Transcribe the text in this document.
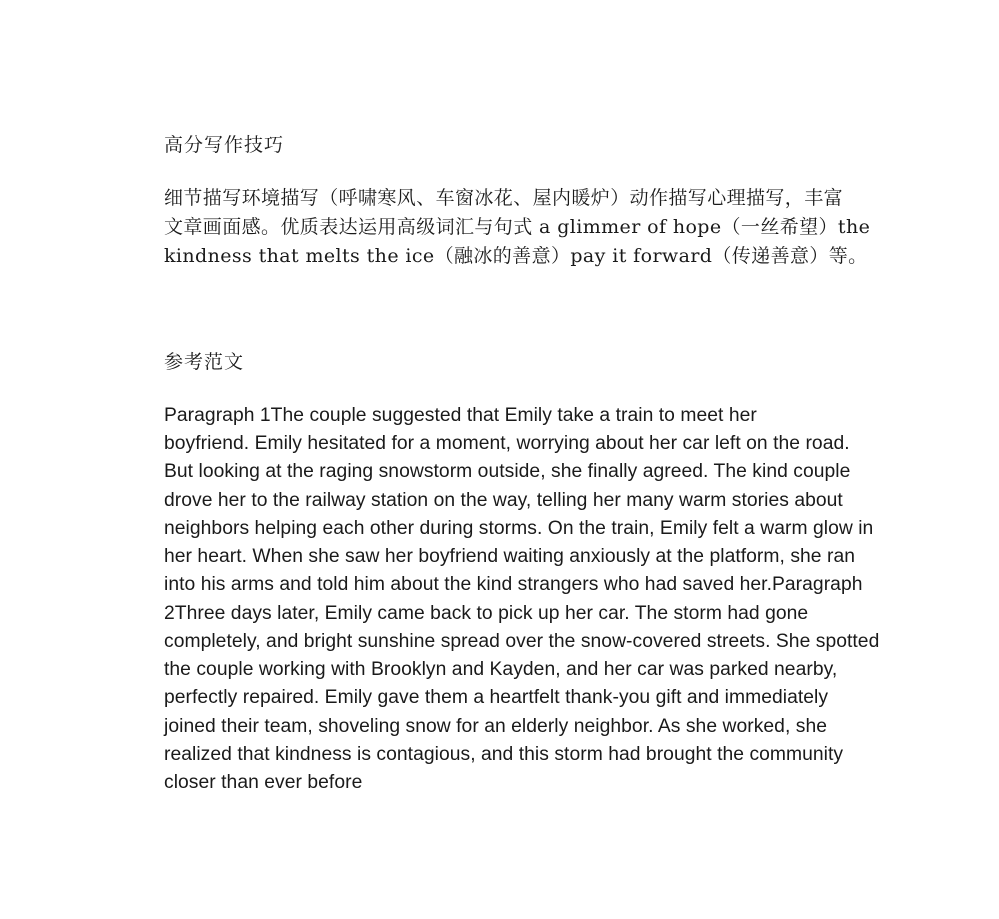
高分写作技巧
细节描写环境描写（呼啸寒风、车窗冰花、屋内暖炉）动作描写心理描写，丰富
文章画面感。优质表达运用高级词汇与句式 a glimmer of hope（一丝希望）the
kindness that melts the ice（融冰的善意）pay it forward（传递善意）等。
参考范文
Paragraph 1The couple suggested that Emily take a train to meet her
boyfriend. Emily hesitated for a moment, worrying about her car left on the road.
But looking at the raging snowstorm outside, she finally agreed. The kind couple
drove her to the railway station on the way, telling her many warm stories about
neighbors helping each other during storms. On the train, Emily felt a warm glow in
her heart. When she saw her boyfriend waiting anxiously at the platform, she ran
into his arms and told him about the kind strangers who had saved her.Paragraph
2Three days later, Emily came back to pick up her car. The storm had gone
completely, and bright sunshine spread over the snow-covered streets. She spotted
the couple working with Brooklyn and Kayden, and her car was parked nearby,
perfectly repaired. Emily gave them a heartfelt thank-you gift and immediately
joined their team, shoveling snow for an elderly neighbor. As she worked, she
realized that kindness is contagious, and this storm had brought the community
closer than ever before
